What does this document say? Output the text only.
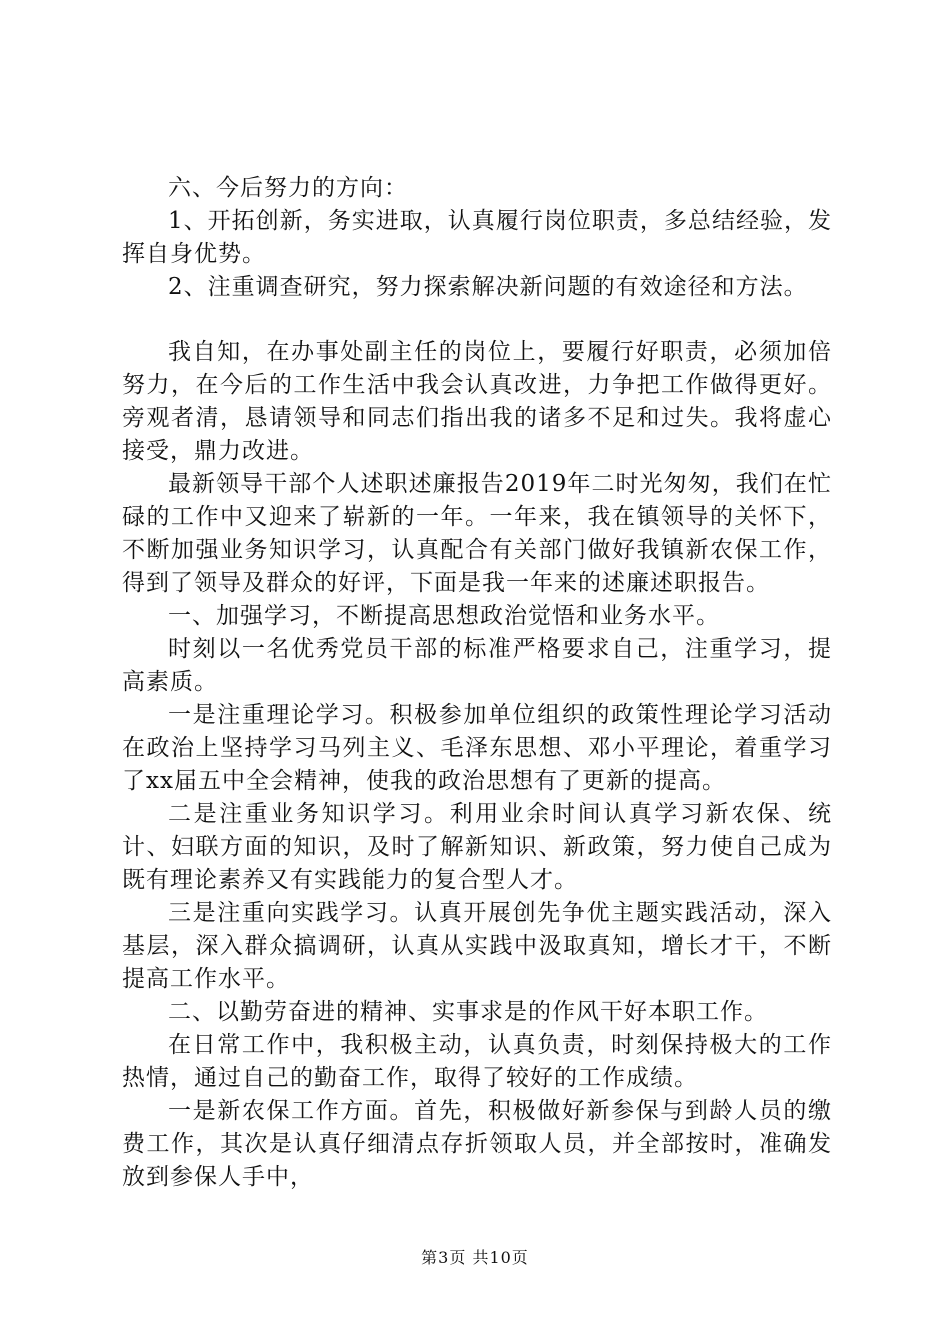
六、今后努力的方向：

1、开拓创新，务实进取，认真履行岗位职责，多总结经验，发挥自身优势。

2、注重调查研究，努力探索解决新问题的有效途径和方法。

我自知，在办事处副主任的岗位上，要履行好职责，必须加倍努力，在今后的工作生活中我会认真改进，力争把工作做得更好。旁观者清，恳请领导和同志们指出我的诸多不足和过失。我将虚心接受，鼎力改进。

最新领导干部个人述职述廉报告2019年二时光匆匆，我们在忙碌的工作中又迎来了崭新的一年。一年来，我在镇领导的关怀下，不断加强业务知识学习，认真配合有关部门做好我镇新农保工作，得到了领导及群众的好评，下面是我一年来的述廉述职报告。

一、加强学习，不断提高思想政治觉悟和业务水平。

时刻以一名优秀党员干部的标准严格要求自己，注重学习，提高素质。

一是注重理论学习。积极参加单位组织的政策性理论学习活动在政治上坚持学习马列主义、毛泽东思想、邓小平理论，着重学习了xx届五中全会精神，使我的政治思想有了更新的提高。

二是注重业务知识学习。利用业余时间认真学习新农保、统计、妇联方面的知识，及时了解新知识、新政策，努力使自己成为既有理论素养又有实践能力的复合型人才。

三是注重向实践学习。认真开展创先争优主题实践活动，深入基层，深入群众搞调研，认真从实践中汲取真知，增长才干，不断提高工作水平。

二、以勤劳奋进的精神、实事求是的作风干好本职工作。

在日常工作中，我积极主动，认真负责，时刻保持极大的工作热情，通过自己的勤奋工作，取得了较好的工作成绩。

一是新农保工作方面。首先，积极做好新参保与到龄人员的缴费工作，其次是认真仔细清点存折领取人员，并全部按时，准确发放到参保人手中，

第3页 共10页
